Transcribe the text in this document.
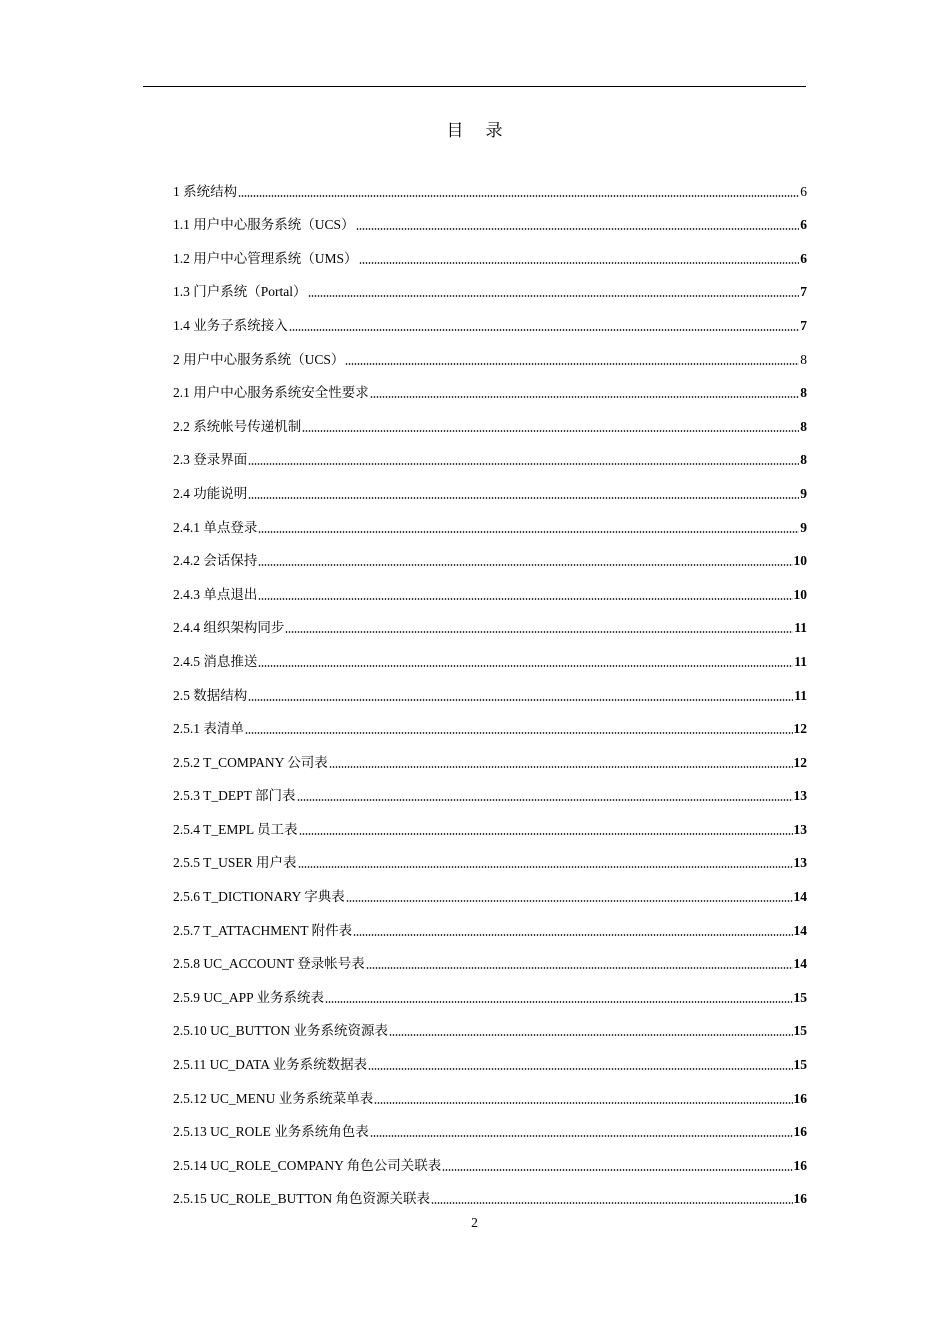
目录
1 系统结构	6
1.1 用户中心服务系统（UCS）	6
1.2 用户中心管理系统（UMS）	6
1.3 门户系统（Portal）	7
1.4 业务子系统接入	7
2 用户中心服务系统（UCS）	8
2.1 用户中心服务系统安全性要求	8
2.2 系统帐号传递机制	8
2.3 登录界面	8
2.4 功能说明	9
2.4.1 单点登录	9
2.4.2 会话保持	10
2.4.3 单点退出	10
2.4.4 组织架构同步	11
2.4.5 消息推送	11
2.5 数据结构	11
2.5.1 表清单	12
2.5.2 T_COMPANY 公司表	12
2.5.3 T_DEPT 部门表	13
2.5.4 T_EMPL 员工表	13
2.5.5 T_USER 用户表	13
2.5.6 T_DICTIONARY 字典表	14
2.5.7 T_ATTACHMENT 附件表	14
2.5.8 UC_ACCOUNT 登录帐号表	14
2.5.9 UC_APP 业务系统表	15
2.5.10 UC_BUTTON 业务系统资源表	15
2.5.11 UC_DATA 业务系统数据表	15
2.5.12 UC_MENU 业务系统菜单表	16
2.5.13 UC_ROLE 业务系统角色表	16
2.5.14 UC_ROLE_COMPANY 角色公司关联表	16
2.5.15 UC_ROLE_BUTTON 角色资源关联表	16
2
